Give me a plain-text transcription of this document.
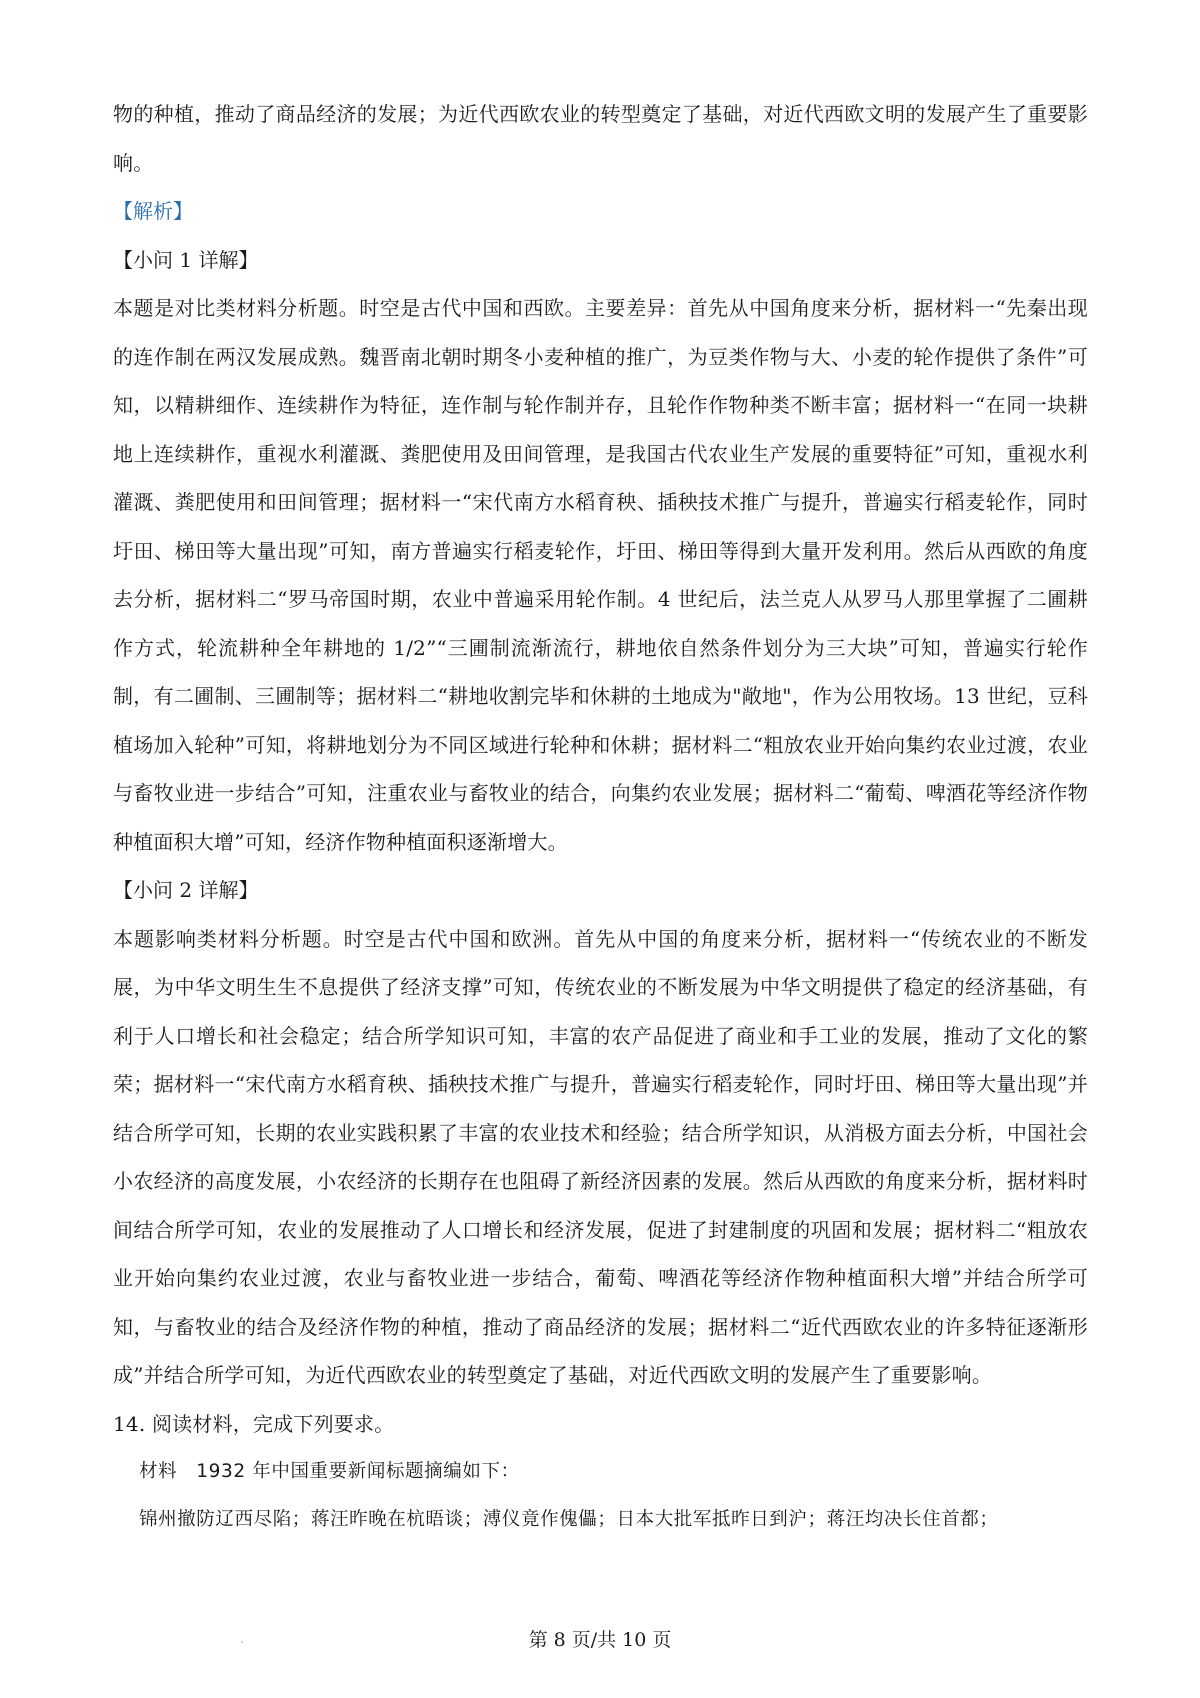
物的种植，推动了商品经济的发展；为近代西欧农业的转型奠定了基础，对近代西欧文明的发展产生了重要影响。

【解析】

【小问 1 详解】

本题是对比类材料分析题。时空是古代中国和西欧。主要差异：首先从中国角度来分析，据材料一“先秦出现的连作制在两汉发展成熟。魏晋南北朝时期冬小麦种植的推广，为豆类作物与大、小麦的轮作提供了条件”可知，以精耕细作、连续耕作为特征，连作制与轮作制并存，且轮作作物种类不断丰富；据材料一“在同一块耕地上连续耕作，重视水利灌溉、粪肥使用及田间管理，是我国古代农业生产发展的重要特征”可知，重视水利灌溉、粪肥使用和田间管理；据材料一“宋代南方水稻育秧、插秧技术推广与提升，普遍实行稻麦轮作，同时圩田、梯田等大量出现”可知，南方普遍实行稻麦轮作，圩田、梯田等得到大量开发利用。然后从西欧的角度去分析，据材料二“罗马帝国时期，农业中普遍采用轮作制。4 世纪后，法兰克人从罗马人那里掌握了二圃耕作方式，轮流耕种全年耕地的 1/2”“三圃制流渐流行，耕地依自然条件划分为三大块”可知，普遍实行轮作制，有二圃制、三圃制等；据材料二“耕地收割完毕和休耕的土地成为"敞地"，作为公用牧场。13 世纪，豆科植场加入轮种”可知，将耕地划分为不同区域进行轮种和休耕；据材料二“粗放农业开始向集约农业过渡，农业与畜牧业进一步结合”可知，注重农业与畜牧业的结合，向集约农业发展；据材料二“葡萄、啤酒花等经济作物种植面积大增”可知，经济作物种植面积逐渐增大。

【小问 2 详解】

本题影响类材料分析题。时空是古代中国和欧洲。首先从中国的角度来分析，据材料一“传统农业的不断发展，为中华文明生生不息提供了经济支撑”可知，传统农业的不断发展为中华文明提供了稳定的经济基础，有利于人口增长和社会稳定；结合所学知识可知，丰富的农产品促进了商业和手工业的发展，推动了文化的繁荣；据材料一“宋代南方水稻育秧、插秧技术推广与提升，普遍实行稻麦轮作，同时圩田、梯田等大量出现”并结合所学可知，长期的农业实践积累了丰富的农业技术和经验；结合所学知识，从消极方面去分析，中国社会小农经济的高度发展，小农经济的长期存在也阻碍了新经济因素的发展。然后从西欧的角度来分析，据材料时间结合所学可知，农业的发展推动了人口增长和经济发展，促进了封建制度的巩固和发展；据材料二“粗放农业开始向集约农业过渡，农业与畜牧业进一步结合，葡萄、啤酒花等经济作物种植面积大增”并结合所学可知，与畜牧业的结合及经济作物的种植，推动了商品经济的发展；据材料二“近代西欧农业的许多特征逐渐形成”并结合所学可知，为近代西欧农业的转型奠定了基础，对近代西欧文明的发展产生了重要影响。

14. 阅读材料，完成下列要求。

材料　1932 年中国重要新闻标题摘编如下：

锦州撤防辽西尽陷；蒋汪昨晚在杭晤谈；溥仪竟作傀儡；日本大批军抵昨日到沪；蒋汪均决长住首都；

第 8 页/共 10 页
